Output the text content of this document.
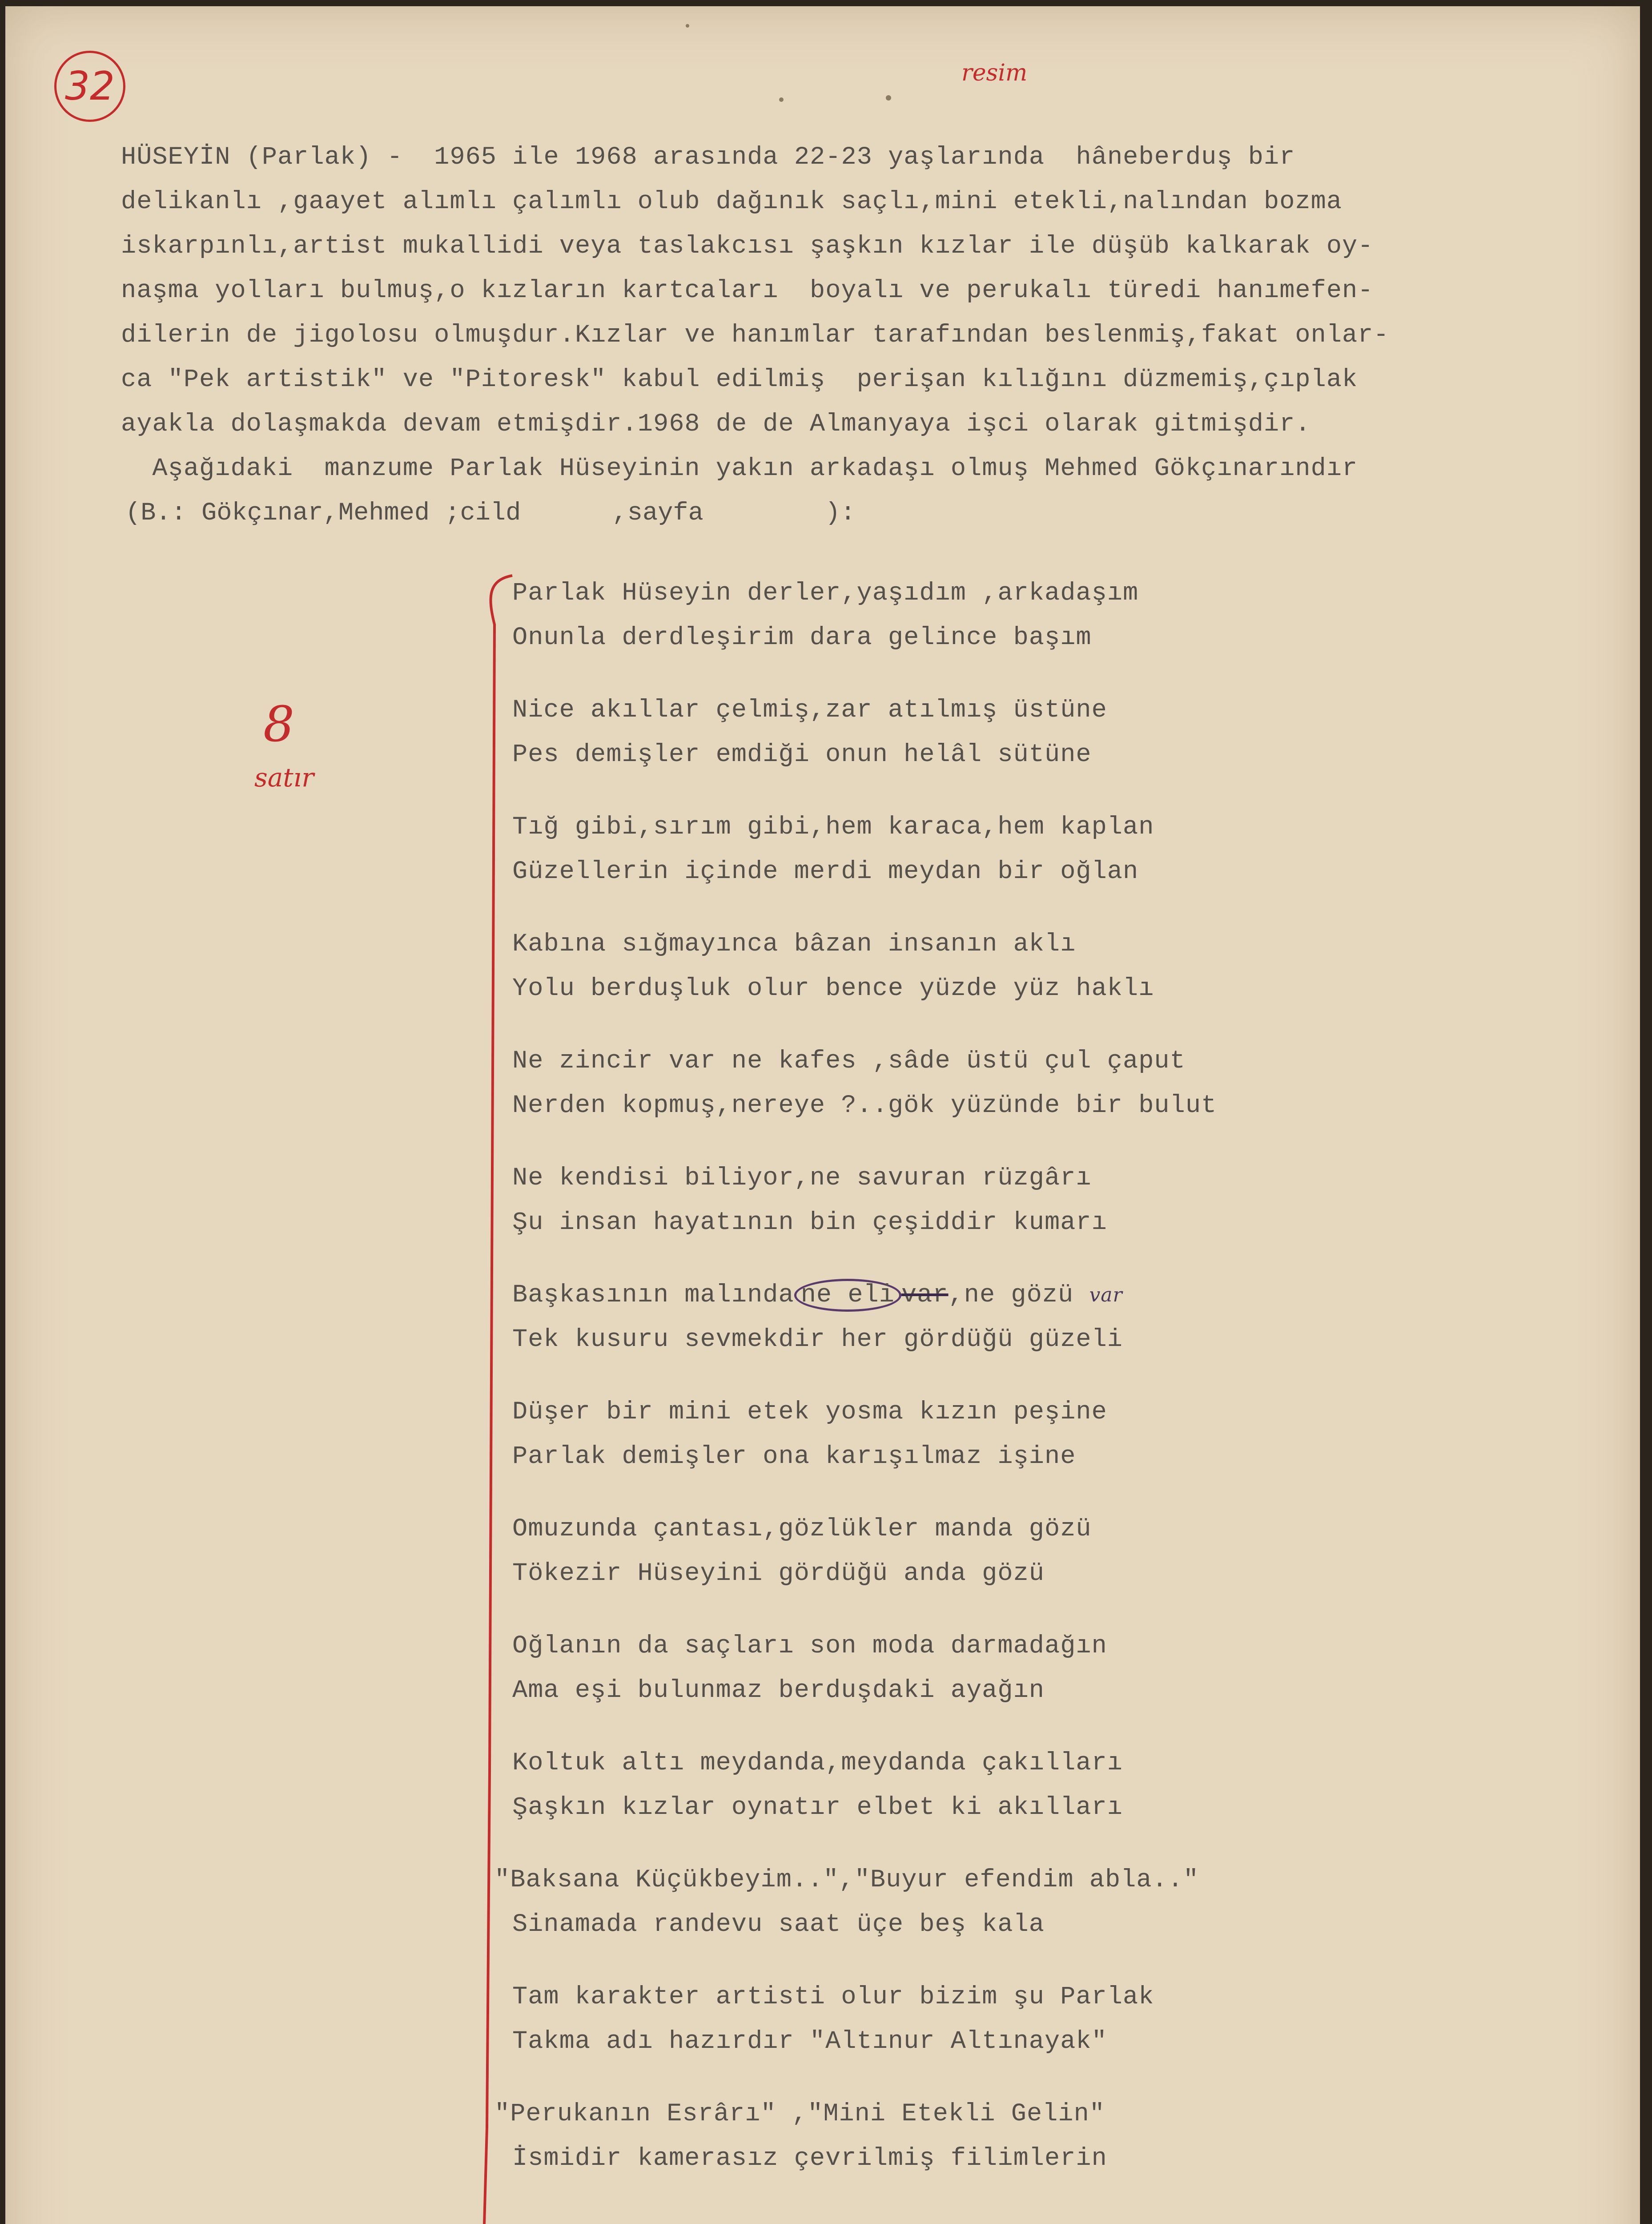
32	resim

HÜSEYİN (Parlak) -  1965 ile 1968 arasında 22-23 yaşlarında  hâneberduş bir

delikanlı ,gaayet alımlı çalımlı olub dağınık saçlı,mini etekli,nalından bozma

iskarpınlı,artist mukallidi veya taslakcısı şaşkın kızlar ile düşüb kalkarak oy-

naşma yolları bulmuş,o kızların kartcaları  boyalı ve perukalı türedi hanımefen-

dilerin de jigolosu olmuşdur.Kızlar ve hanımlar tarafından beslenmiş,fakat onlar-

ca "Pek artistik" ve "Pitoresk" kabul edilmiş  perişan kılığını düzmemiş,çıplak

ayakla dolaşmakda devam etmişdir.1968 de de Almanyaya işci olarak gitmişdir.

Aşağıdaki  manzume Parlak Hüseyinin yakın arkadaşı olmuş Mehmed Gökçınarındır

(B.: Gökçınar,Mehmed ;cild      ,sayfa        ):
8
satır
Parlak Hüseyin derler,yaşıdım ,arkadaşım
Onunla derdleşirim dara gelince başım
Nice akıllar çelmiş,zar atılmış üstüne
Pes demişler emdiği onun helâl sütüne
Tığ gibi,sırım gibi,hem karaca,hem kaplan
Güzellerin içinde merdi meydan bir oğlan
Kabına sığmayınca bâzan insanın aklı
Yolu berduşluk olur bence yüzde yüz haklı
Ne zincir var ne kafes ,sâde üstü çul çaput
Nerden kopmuş,nereye ?..gök yüzünde bir bulut
Ne kendisi biliyor,ne savuran rüzgârı
Şu insan hayatının bin çeşiddir kumarı
Başkasının malında ne eli var,ne gözü var
Tek kusuru sevmekdir her gördüğü güzeli
Düşer bir mini etek yosma kızın peşine
Parlak demişler ona karışılmaz işine
Omuzunda çantası,gözlükler manda gözü
Tökezir Hüseyini gördüğü anda gözü
Oğlanın da saçları son moda darmadağın
Ama eşi bulunmaz berduşdaki ayağın
Koltuk altı meydanda,meydanda çakılları
Şaşkın kızlar oynatır elbet ki akılları
"Baksana Küçükbeyim..","Buyur efendim abla.."
Sinamada randevu saat üçe beş kala
Tam karakter artisti olur bizim şu Parlak
Takma adı hazırdır "Altınur Altınayak"
"Perukanın Esrârı" ,"Mini Etekli Gelin"
İsmidir kamerasız çevrilmiş filimlerin
